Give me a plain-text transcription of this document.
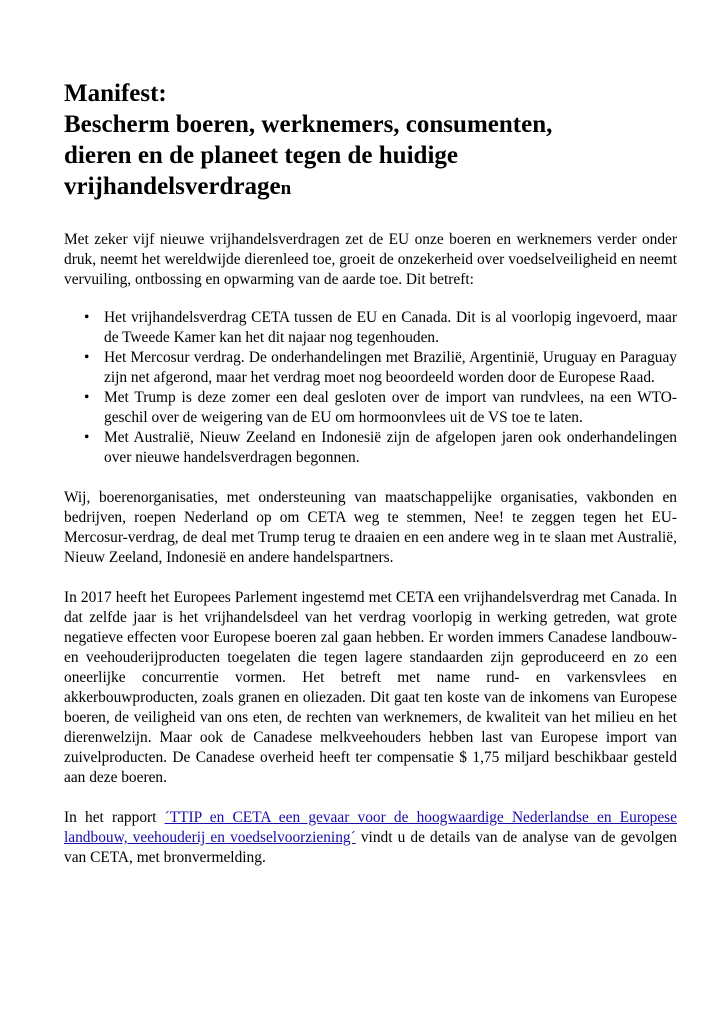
Manifest:
Bescherm boeren, werknemers, consumenten,
dieren en de planeet tegen de huidige
vrijhandelsverdragen

Met zeker vijf nieuwe vrijhandelsverdragen zet de EU onze boeren en werknemers verder onder druk, neemt het wereldwijde dierenleed toe, groeit de onzekerheid over voedselveiligheid en neemt vervuiling, ontbossing en opwarming van de aarde toe. Dit betreft:

• Het vrijhandelsverdrag CETA tussen de EU en Canada. Dit is al voorlopig ingevoerd, maar de Tweede Kamer kan het dit najaar nog tegenhouden.
• Het Mercosur verdrag. De onderhandelingen met Brazilië, Argentinië, Uruguay en Paraguay zijn net afgerond, maar het verdrag moet nog beoordeeld worden door de Europese Raad.
• Met Trump is deze zomer een deal gesloten over de import van rundvlees, na een WTO-geschil over de weigering van de EU om hormoonvlees uit de VS toe te laten.
• Met Australië, Nieuw Zeeland en Indonesië zijn de afgelopen jaren ook onderhandelingen over nieuwe handelsverdragen begonnen.

Wij, boerenorganisaties, met ondersteuning van maatschappelijke organisaties, vakbonden en bedrijven, roepen Nederland op om CETA weg te stemmen, Nee! te zeggen tegen het EU-Mercosur-verdrag, de deal met Trump terug te draaien en een andere weg in te slaan met Australië, Nieuw Zeeland, Indonesië en andere handelspartners.

In 2017 heeft het Europees Parlement ingestemd met CETA een vrijhandelsverdrag met Canada. In dat zelfde jaar is het vrijhandelsdeel van het verdrag voorlopig in werking getreden, wat grote negatieve effecten voor Europese boeren zal gaan hebben. Er worden immers Canadese landbouw- en veehouderijproducten toegelaten die tegen lagere standaarden zijn geproduceerd en zo een oneerlijke concurrentie vormen. Het betreft met name rund- en varkensvlees en akkerbouwproducten, zoals granen en oliezaden. Dit gaat ten koste van de inkomens van Europese boeren, de veiligheid van ons eten, de rechten van werknemers, de kwaliteit van het milieu en het dierenwelzijn. Maar ook de Canadese melkveehouders hebben last van Europese import van zuivelproducten. De Canadese overheid heeft ter compensatie $ 1,75 miljard beschikbaar gesteld aan deze boeren.

In het rapport ´TTIP en CETA een gevaar voor de hoogwaardige Nederlandse en Europese landbouw, veehouderij en voedselvoorziening´ vindt u de details van de analyse van de gevolgen van CETA, met bronvermelding.
